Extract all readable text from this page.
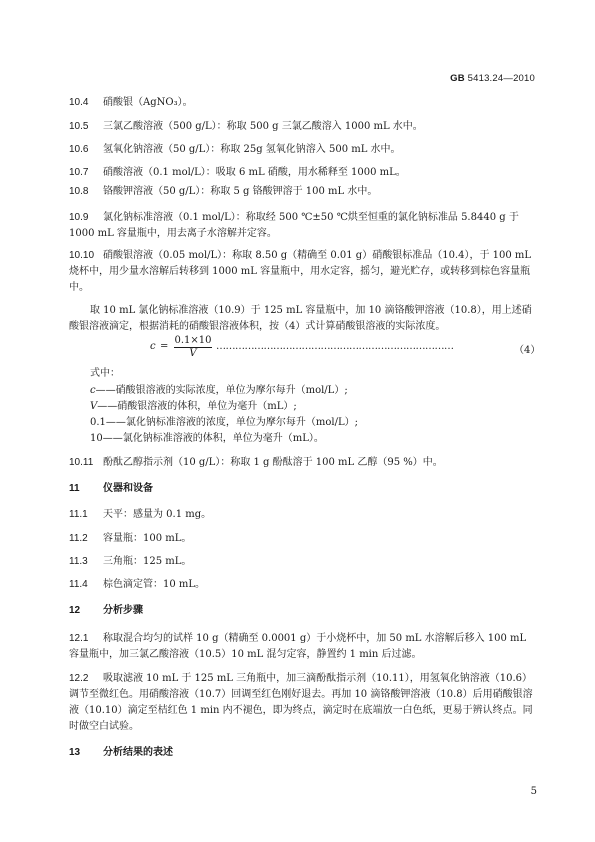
GB 5413.24—2010
10.4 硝酸银（AgNO₃）。
10.5 三氯乙酸溶液（500 g/L）：称取 500 g 三氯乙酸溶入 1000 mL 水中。
10.6 氢氧化钠溶液（50 g/L）：称取 25g 氢氧化钠溶入 500 mL 水中。
10.7 硝酸溶液（0.1 mol/L）：吸取 6 mL 硝酸，用水稀释至 1000 mL。
10.8 铬酸钾溶液（50 g/L）：称取 5 g 铬酸钾溶于 100 mL 水中。
10.9 氯化钠标准溶液（0.1 mol/L）：称取经 500 ℃±50 ℃烘至恒重的氯化钠标准品 5.8440 g 于 1000 mL 容量瓶中，用去离子水溶解并定容。
10.10 硝酸银溶液（0.05 mol/L）：称取 8.50 g（精确至 0.01 g）硝酸银标准品（10.4），于 100 mL 烧杯中，用少量水溶解后转移到 1000 mL 容量瓶中，用水定容，摇匀，避光贮存，或转移到棕色容量瓶中。
取 10 mL 氯化钠标准溶液（10.9）于 125 mL 容量瓶中，加 10 滴铬酸钾溶液（10.8），用上述硝酸银溶液滴定，根据消耗的硝酸银溶液体积，按（4）式计算硝酸银溶液的实际浓度。
$c = \frac{0.1\times 10}{V}$ …………………………………………………………………	（4）
式中：
c——硝酸银溶液的实际浓度，单位为摩尔每升（mol/L）;
V——硝酸银溶液的体积，单位为毫升（mL）;
0.1——氯化钠标准溶液的浓度，单位为摩尔每升（mol/L）;
10——氯化钠标准溶液的体积，单位为毫升（mL）。
10.11 酚酞乙醇指示剂（10 g/L）：称取 1 g 酚酞溶于 100 mL 乙醇（95 %）中。
11 仪器和设备
11.1 天平：感量为 0.1 mg。
11.2 容量瓶：100 mL。
11.3 三角瓶：125 mL。
11.4 棕色滴定管：10 mL。
12 分析步骤
12.1 称取混合均匀的试样 10 g（精确至 0.0001 g）于小烧杯中，加 50 mL 水溶解后移入 100 mL 容量瓶中，加三氯乙酸溶液（10.5）10 mL 混匀定容，静置约 1 min 后过滤。
12.2 吸取滤液 10 mL 于 125 mL 三角瓶中，加三滴酚酞指示剂（10.11），用氢氧化钠溶液（10.6）调节至微红色。用硝酸溶液（10.7）回调至红色刚好退去。再加 10 滴铬酸钾溶液（10.8）后用硝酸银溶液（10.10）滴定至桔红色 1 min 内不褪色，即为终点，滴定时在底端放一白色纸，更易于辨认终点。同时做空白试验。
13 分析结果的表述
5
